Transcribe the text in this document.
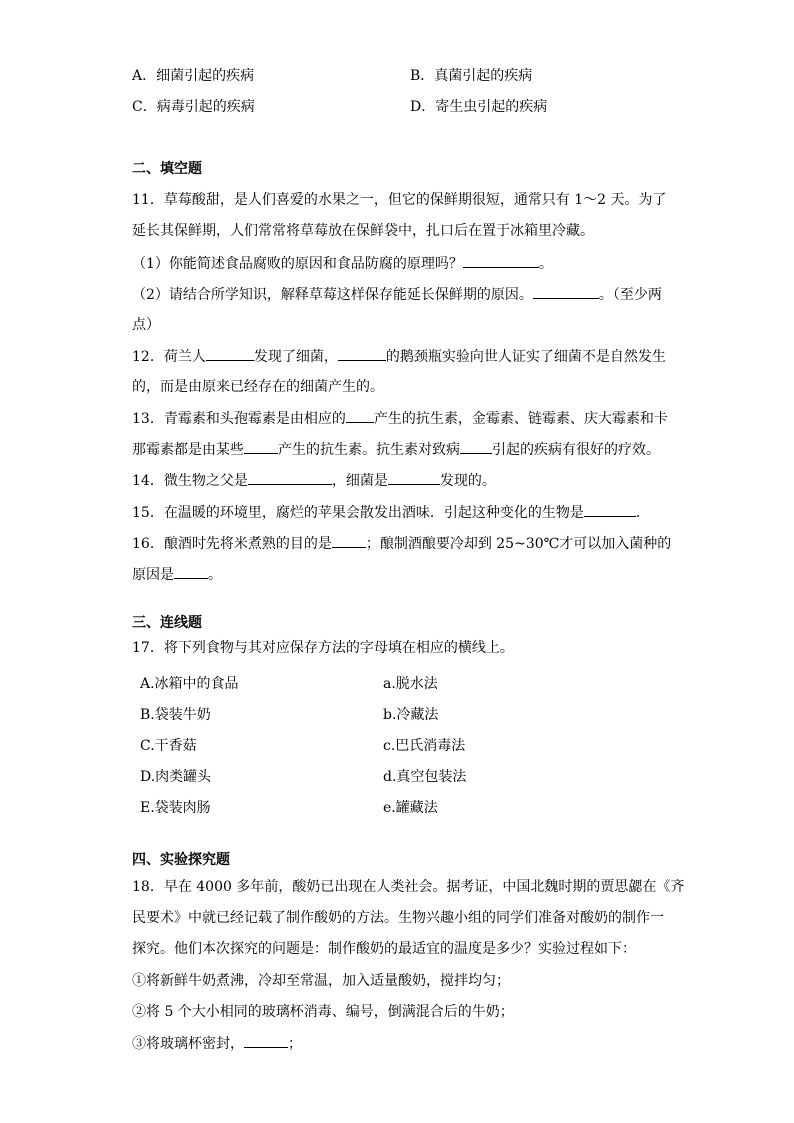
A．细菌引起的疾病	B．真菌引起的疾病
C．病毒引起的疾病	D．寄生虫引起的疾病
二、填空题
11．草莓酸甜，是人们喜爱的水果之一，但它的保鲜期很短，通常只有 1～2 天。为了
延长其保鲜期，人们常常将草莓放在保鲜袋中，扎口后在置于冰箱里冷藏。
（1）你能简述食品腐败的原因和食品防腐的原理吗？	。
（2）请结合所学知识，解释草莓这样保存能延长保鲜期的原因。	。（至少两
点）
12．荷兰人	发现了细菌，	的鹅颈瓶实验向世人证实了细菌不是自然发生
的，而是由原来已经存在的细菌产生的。
13．青霉素和头孢霉素是由相应的 产生的抗生素，金霉素、链霉素、庆大霉素和卡
那霉素都是由某些 产生的抗生素。抗生素对致病 引起的疾病有很好的疗效。
14．微生物之父是	，细菌是	发现的。
15．在温暖的环境里，腐烂的苹果会散发出酒味．引起这种变化的生物是	．
16．酿酒时先将米煮熟的目的是 ；酿制酒酿要冷却到 25~30℃才可以加入菌种的
原因是 。
三、连线题
17．将下列食物与其对应保存方法的字母填在相应的横线上。
A.冰箱中的食品	a.脱水法
B.袋装牛奶	b.冷藏法
C.干香菇	c.巴氏消毒法
D.肉类罐头	d.真空包装法
E.袋装肉肠	e.罐藏法
四、实验探究题
18．早在 4000 多年前，酸奶已出现在人类社会。据考证，中国北魏时期的贾思勰在《齐
民要术》中就已经记载了制作酸奶的方法。生物兴趣小组的同学们准备对酸奶的制作一
探究。他们本次探究的问题是：制作酸奶的最适宜的温度是多少？实验过程如下：
①将新鲜牛奶煮沸，冷却至常温，加入适量酸奶，搅拌均匀；
②将 5 个大小相同的玻璃杯消毒、编号，倒满混合后的牛奶；
③将玻璃杯密封，	；
